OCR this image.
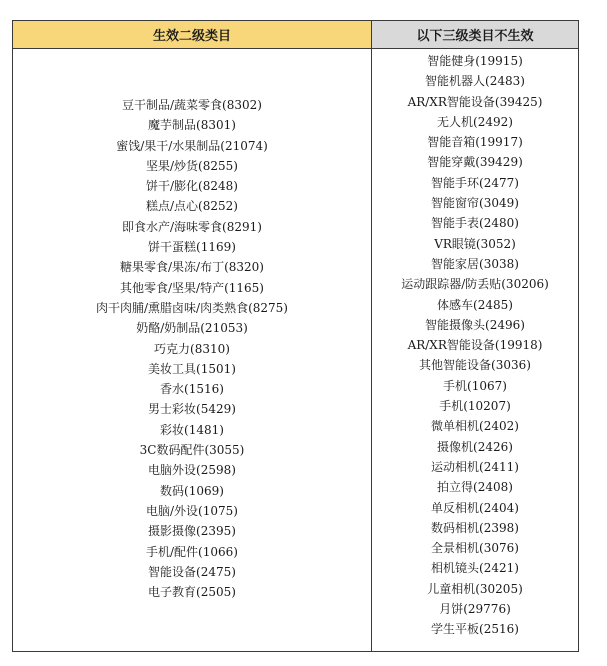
生效二级类目	以下三级类目不生效
豆干制品/蔬菜零食(8302)
魔芋制品(8301)
蜜饯/果干/水果制品(21074)
坚果/炒货(8255)
饼干/膨化(8248)
糕点/点心(8252)
即食水产/海味零食(8291)
饼干蛋糕(1169)
糖果零食/果冻/布丁(8320)
其他零食/坚果/特产(1165)
肉干肉脯/熏腊卤味/肉类熟食(8275)
奶酪/奶制品(21053)
巧克力(8310)
美妆工具(1501)
香水(1516)
男士彩妆(5429)
彩妆(1481)
3C数码配件(3055)
电脑外设(2598)
数码(1069)
电脑/外设(1075)
摄影摄像(2395)
手机/配件(1066)
智能设备(2475)
电子教育(2505)
智能健身(19915)
智能机器人(2483)
AR/XR智能设备(39425)
无人机(2492)
智能音箱(19917)
智能穿戴(39429)
智能手环(2477)
智能窗帘(3049)
智能手表(2480)
VR眼镜(3052)
智能家居(3038)
运动跟踪器/防丢贴(30206)
体感车(2485)
智能摄像头(2496)
AR/XR智能设备(19918)
其他智能设备(3036)
手机(1067)
手机(10207)
微单相机(2402)
摄像机(2426)
运动相机(2411)
拍立得(2408)
单反相机(2404)
数码相机(2398)
全景相机(3076)
相机镜头(2421)
儿童相机(30205)
月饼(29776)
学生平板(2516)
